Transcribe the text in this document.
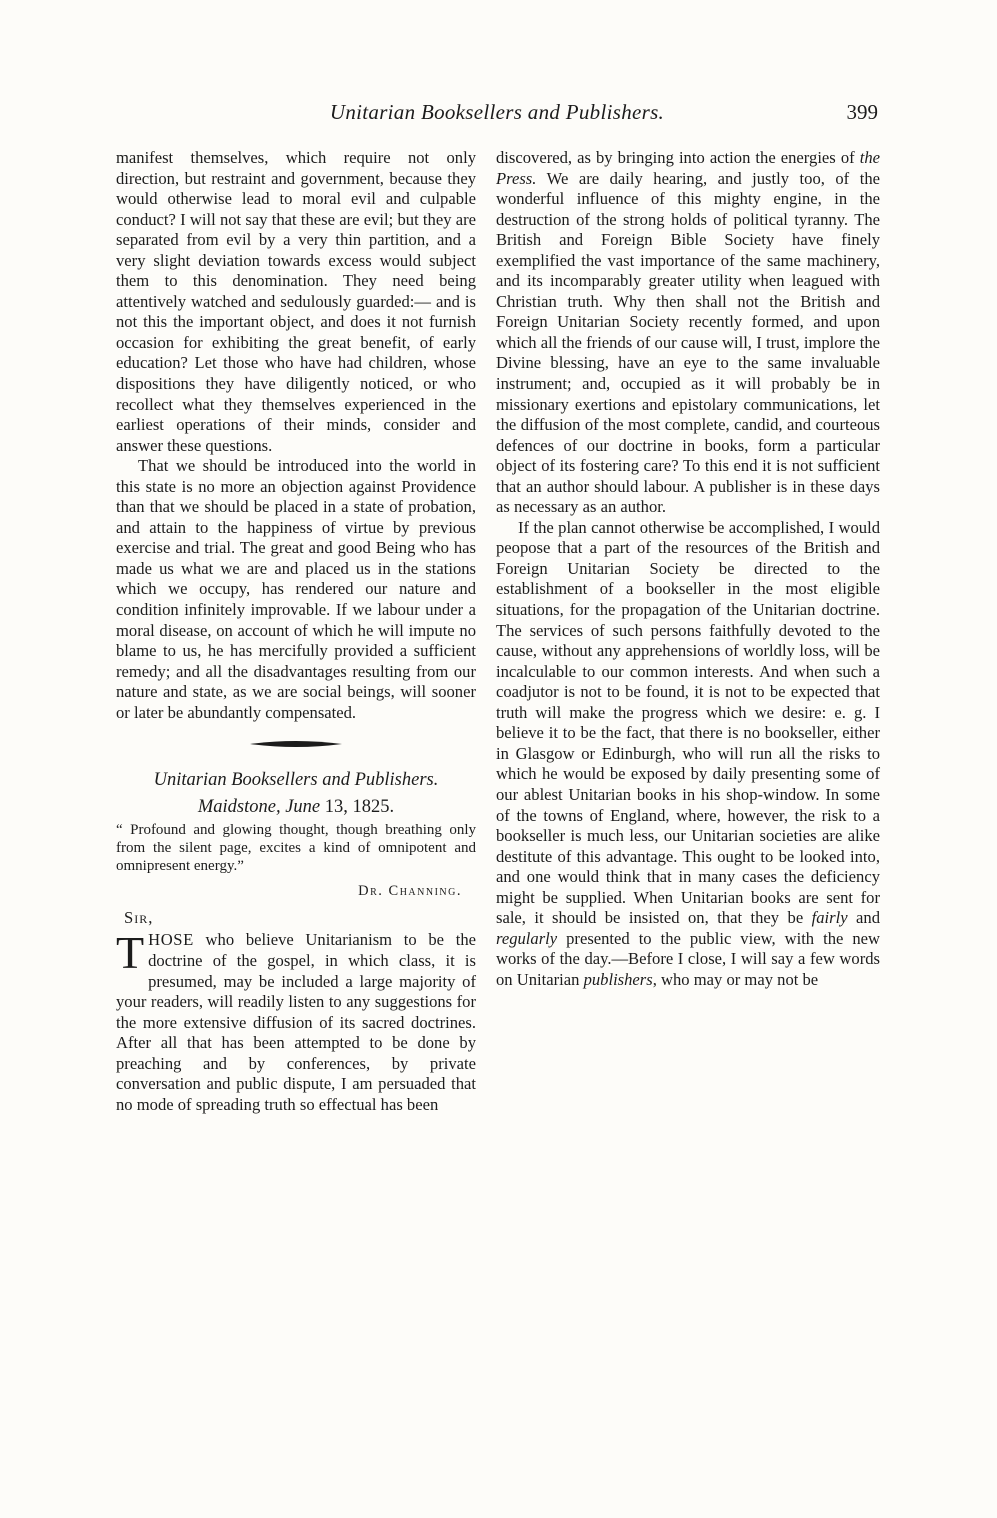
Unitarian Booksellers and Publishers.	399

manifest themselves, which require not only direction, but restraint and government, because they would otherwise lead to moral evil and culpable conduct? I will not say that these are evil; but they are separated from evil by a very thin partition, and a very slight deviation towards excess would subject them to this denomination. They need being attentively watched and sedulously guarded:— and is not this the important object, and does it not furnish occasion for exhibiting the great benefit, of early education? Let those who have had children, whose dispositions they have diligently noticed, or who recollect what they themselves experienced in the earliest operations of their minds, consider and answer these questions.

That we should be introduced into the world in this state is no more an objection against Providence than that we should be placed in a state of probation, and attain to the happiness of virtue by previous exercise and trial. The great and good Being who has made us what we are and placed us in the stations which we occupy, has rendered our nature and condition infinitely improvable. If we labour under a moral disease, on account of which he will impute no blame to us, he has mercifully provided a sufficient remedy; and all the disadvantages resulting from our nature and state, as we are social beings, will sooner or later be abundantly compensated.

Unitarian Booksellers and Publishers.

Maidstone, June 13, 1825.

“ Profound and glowing thought, though breathing only from the silent page, excites a kind of omnipotent and omnipresent energy.”

Dr. Channing.
Sir,

THOSE who believe Unitarianism to be the doctrine of the gospel, in which class, it is presumed, may be included a large majority of your readers, will readily listen to any suggestions for the more extensive diffusion of its sacred doctrines. After all that has been attempted to be done by preaching and by conferences, by private conversation and public dispute, I am persuaded that no mode of spreading truth so effectual has been

discovered, as by bringing into action the energies of the Press. We are daily hearing, and justly too, of the wonderful influence of this mighty engine, in the destruction of the strong holds of political tyranny. The British and Foreign Bible Society have finely exemplified the vast importance of the same machinery, and its incomparably greater utility when leagued with Christian truth. Why then shall not the British and Foreign Unitarian Society recently formed, and upon which all the friends of our cause will, I trust, implore the Divine blessing, have an eye to the same invaluable instrument; and, occupied as it will probably be in missionary exertions and epistolary communications, let the diffusion of the most complete, candid, and courteous defences of our doctrine in books, form a particular object of its fostering care? To this end it is not sufficient that an author should labour. A publisher is in these days as necessary as an author.

If the plan cannot otherwise be accomplished, I would peopose that a part of the resources of the British and Foreign Unitarian Society be directed to the establishment of a bookseller in the most eligible situations, for the propagation of the Unitarian doctrine. The services of such persons faithfully devoted to the cause, without any apprehensions of worldly loss, will be incalculable to our common interests. And when such a coadjutor is not to be found, it is not to be expected that truth will make the progress which we desire: e. g. I believe it to be the fact, that there is no bookseller, either in Glasgow or Edinburgh, who will run all the risks to which he would be exposed by daily presenting some of our ablest Unitarian books in his shop-window. In some of the towns of England, where, however, the risk to a bookseller is much less, our Unitarian societies are alike destitute of this advantage. This ought to be looked into, and one would think that in many cases the deficiency might be supplied. When Unitarian books are sent for sale, it should be insisted on, that they be fairly and regularly presented to the public view, with the new works of the day.—Before I close, I will say a few words on Unitarian publishers, who may or may not be
